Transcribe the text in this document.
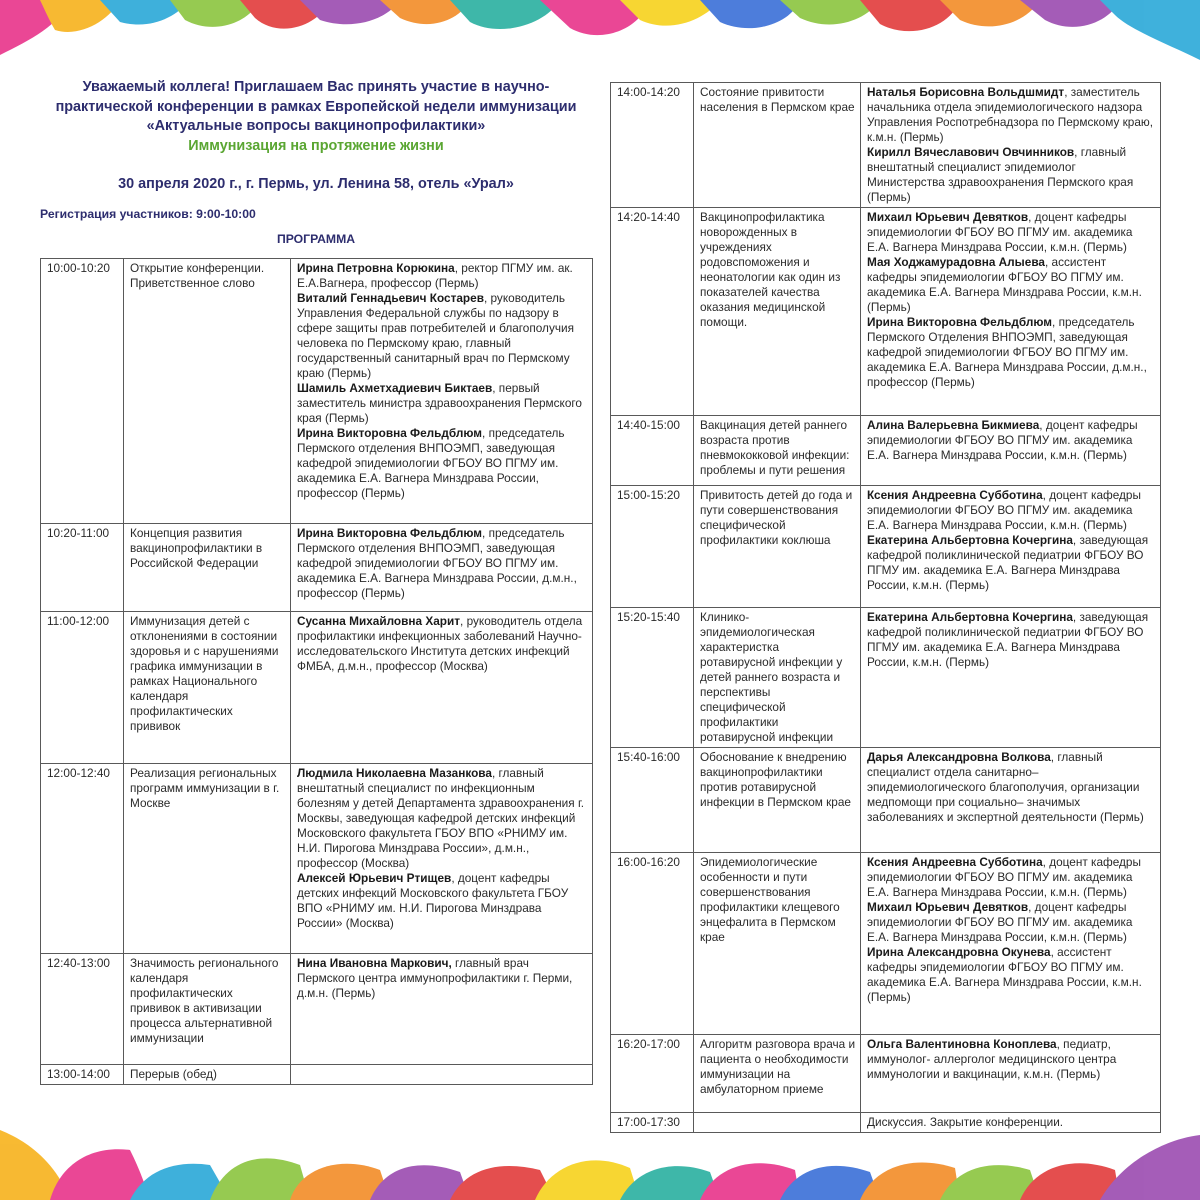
Уважаемый коллега! Приглашаем Вас принять участие в научно-
практической конференции в рамках Европейской недели иммунизации
«Актуальные вопросы вакцинопрофилактики»
Иммунизация на протяжение жизни
30 апреля 2020 г., г. Пермь, ул. Ленина 58, отель «Урал»
Регистрация участников: 9:00-10:00
ПРОГРАММА
10:00-10:20	Открытие конференции. Приветственное слово	Ирина Петровна Корюкина, ректор ПГМУ им. ак. Е.А.Вагнера, профессор (Пермь)
Виталий Геннадьевич Костарев, руководитель Управления Федеральной службы по надзору в сфере защиты прав потребителей и благополучия человека по Пермскому краю, главный государственный санитарный врач по Пермскому краю (Пермь)
Шамиль Ахметхадиевич Биктаев, первый заместитель министра здравоохранения Пермского края (Пермь)
Ирина Викторовна Фельдблюм, председатель Пермского отделения ВНПОЭМП, заведующая кафедрой эпидемиологии ФГБОУ ВО ПГМУ им. академика Е.А. Вагнера Минздрава России, профессор (Пермь)
10:20-11:00	Концепция развития вакцинопрофилактики в Российской Федерации	Ирина Викторовна Фельдблюм, председатель Пермского отделения ВНПОЭМП, заведующая кафедрой эпидемиологии ФГБОУ ВО ПГМУ им. академика Е.А. Вагнера Минздрава России, д.м.н., профессор (Пермь)
11:00-12:00	Иммунизация детей с отклонениями в состоянии здоровья и с нарушениями графика иммунизации в рамках Национального календаря профилактических прививок	Сусанна Михайловна Харит, руководитель отдела профилактики инфекционных заболеваний Научно-исследовательского Института детских инфекций ФМБА, д.м.н., профессор (Москва)
12:00-12:40	Реализация региональных программ иммунизации в г. Москве	Людмила Николаевна Мазанкова, главный внештатный специалист по инфекционным болезням у детей Департамента здравоохранения г. Москвы, заведующая кафедрой детских инфекций Московского факультета ГБОУ ВПО «РНИМУ им. Н.И. Пирогова Минздрава России», д.м.н., профессор (Москва)
Алексей Юрьевич Ртищев, доцент кафедры детских инфекций Московского факультета ГБОУ ВПО «РНИМУ им. Н.И. Пирогова Минздрава России» (Москва)
12:40-13:00	Значимость регионального календаря профилактических прививок в активизации процесса альтернативной иммунизации	Нина Ивановна Маркович, главный врач Пермского центра иммунопрофилактики г. Перми, д.м.н. (Пермь)
13:00-14:00	Перерыв (обед)	
14:00-14:20	Состояние привитости населения в Пермском крае	Наталья Борисовна Вольдшмидт, заместитель начальника отдела эпидемиологического надзора Управления Роспотребнадзора по Пермскому краю, к.м.н. (Пермь)
Кирилл Вячеславович Овчинников, главный внештатный специалист эпидемиолог Министерства здравоохранения Пермского края (Пермь)
14:20-14:40	Вакцинопрофилактика новорожденных в учреждениях родовспоможения и неонатологии как один из показателей качества оказания медицинской помощи.	Михаил Юрьевич Девятков, доцент кафедры эпидемиологии ФГБОУ ВО ПГМУ им. академика Е.А. Вагнера Минздрава России, к.м.н. (Пермь)
Мая Ходжамурадовна Алыева, ассистент кафедры эпидемиологии ФГБОУ ВО ПГМУ им. академика Е.А. Вагнера Минздрава России, к.м.н. (Пермь)
Ирина Викторовна Фельдблюм, председатель Пермского Отделения ВНПОЭМП, заведующая кафедрой эпидемиологии ФГБОУ ВО ПГМУ им. академика Е.А. Вагнера Минздрава России, д.м.н., профессор (Пермь)
14:40-15:00	Вакцинация детей раннего возраста против пневмококковой инфекции: проблемы и пути решения	Алина Валерьевна Бикмиева, доцент кафедры эпидемиологии ФГБОУ ВО ПГМУ им. академика Е.А. Вагнера Минздрава России, к.м.н. (Пермь)
15:00-15:20	Привитость детей до года и пути совершенствования специфической профилактики коклюша	Ксения Андреевна Субботина, доцент кафедры эпидемиологии ФГБОУ ВО ПГМУ им. академика Е.А. Вагнера Минздрава России, к.м.н. (Пермь)
Екатерина Альбертовна Кочергина, заведующая кафедрой поликлинической педиатрии ФГБОУ ВО ПГМУ им. академика Е.А. Вагнера Минздрава России, к.м.н. (Пермь)
15:20-15:40	Клинико-эпидемиологическая характеристка ротавирусной инфекции у детей раннего возраста и перспективы специфической профилактики ротавирусной инфекции	Екатерина Альбертовна Кочергина, заведующая кафедрой поликлинической педиатрии ФГБОУ ВО ПГМУ им. академика Е.А. Вагнера Минздрава России, к.м.н. (Пермь)
15:40-16:00	Обоснование к внедрению вакцинопрофилактики против ротавирусной инфекции в Пермском крае	Дарья Александровна Волкова, главный специалист отдела санитарно– эпидемиологического благополучия, организации медпомощи при социально– значимых заболеваниях и экспертной деятельности (Пермь)
16:00-16:20	Эпидемиологические особенности и пути совершенствования профилактики клещевого энцефалита в Пермском крае	Ксения Андреевна Субботина, доцент кафедры эпидемиологии ФГБОУ ВО ПГМУ им. академика Е.А. Вагнера Минздрава России, к.м.н. (Пермь)
Михаил Юрьевич Девятков, доцент кафедры эпидемиологии ФГБОУ ВО ПГМУ им. академика Е.А. Вагнера Минздрава России, к.м.н. (Пермь)
Ирина Александровна Окунева, ассистент кафедры эпидемиологии ФГБОУ ВО ПГМУ им. академика Е.А. Вагнера Минздрава России, к.м.н. (Пермь)
16:20-17:00	Алгоритм разговора врача и пациента о необходимости иммунизации на амбулаторном приеме	Ольга Валентиновна Коноплева, педиатр, иммунолог- аллерголог медицинского центра иммунологии и вакцинации, к.м.н. (Пермь)
17:00-17:30		Дискуссия. Закрытие конференции.
